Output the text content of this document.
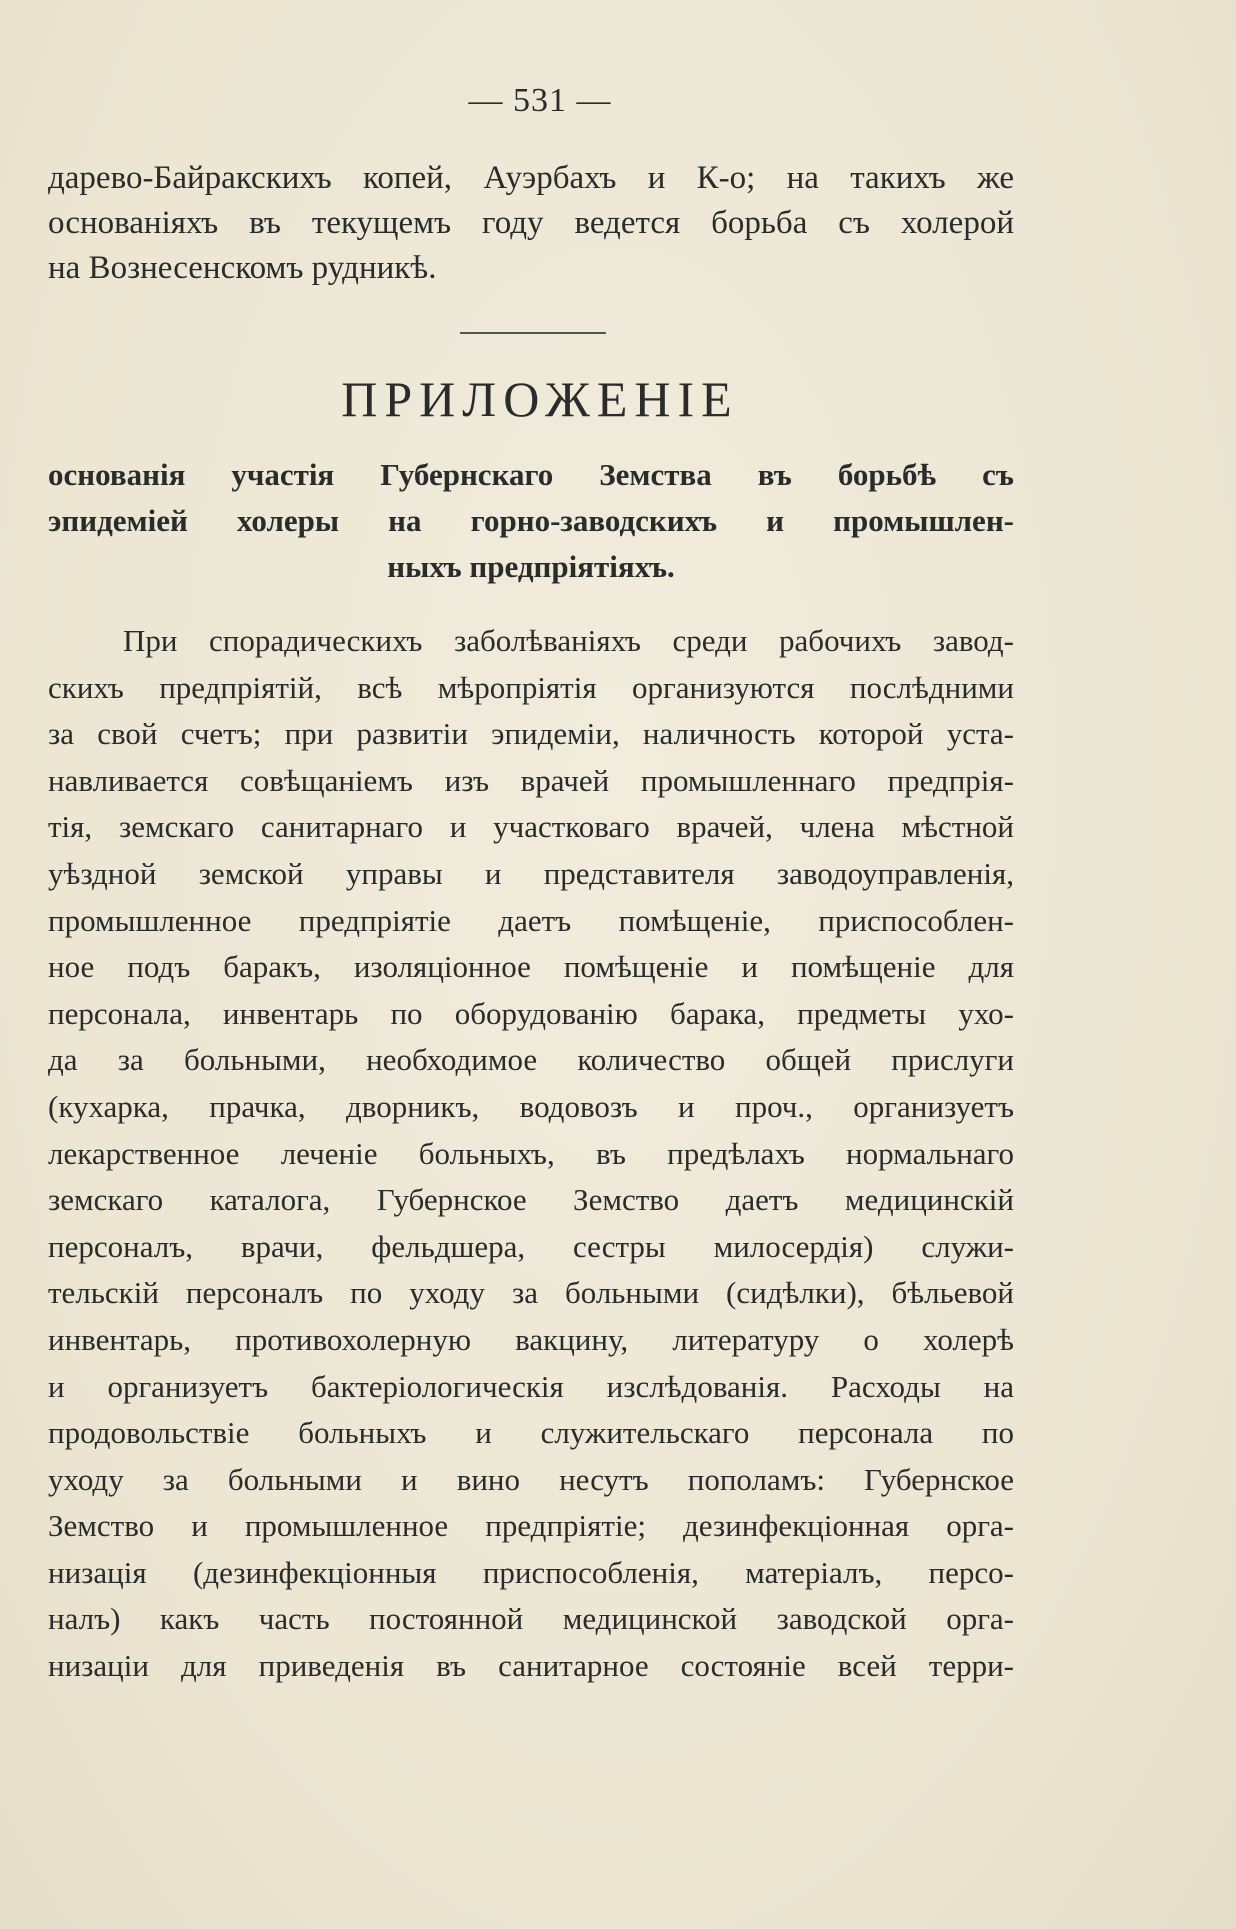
— 531 —
дарево-Байракскихъ копей, Ауэрбахъ и К-о; на такихъ же
основаніяхъ въ текущемъ году ведется борьба съ холерой
на Вознесенскомъ рудникѣ.
ПРИЛОЖЕНІЕ
основанія участія Губернскаго Земства въ борьбѣ съ
эпидеміей холеры на горно-заводскихъ и промышлен-
ныхъ предпріятіяхъ.
При спорадическихъ заболѣваніяхъ среди рабочихъ завод-
скихъ предпріятій, всѣ мѣропріятія организуются послѣдними
за свой счетъ; при развитіи эпидеміи, наличность которой уста-
навливается совѣщаніемъ изъ врачей промышленнаго предпрія-
тія, земскаго санитарнаго и участковаго врачей, члена мѣстной
уѣздной земской управы и представителя заводоуправленія,
промышленное предпріятіе даетъ помѣщеніе, приспособлен-
ное подъ баракъ, изоляціонное помѣщеніе и помѣщеніе для
персонала, инвентарь по оборудованію барака, предметы ухо-
да за больными, необходимое количество общей прислуги
(кухарка, прачка, дворникъ, водовозъ и проч., организуетъ
лекарственное леченіе больныхъ, въ предѣлахъ нормальнаго
земскаго каталога, Губернское Земство даетъ медицинскій
персоналъ, врачи, фельдшера, сестры милосердія) служи-
тельскій персоналъ по уходу за больными (сидѣлки), бѣльевой
инвентарь, противохолерную вакцину, литературу о холерѣ
и организуетъ бактеріологическія изслѣдованія. Расходы на
продовольствіе больныхъ и служительскаго персонала по
уходу за больными и вино несутъ пополамъ: Губернское
Земство и промышленное предпріятіе; дезинфекціонная орга-
низація (дезинфекціонныя приспособленія, матеріалъ, персо-
налъ) какъ часть постоянной медицинской заводской орга-
низаціи для приведенія въ санитарное состояніе всей терри-
